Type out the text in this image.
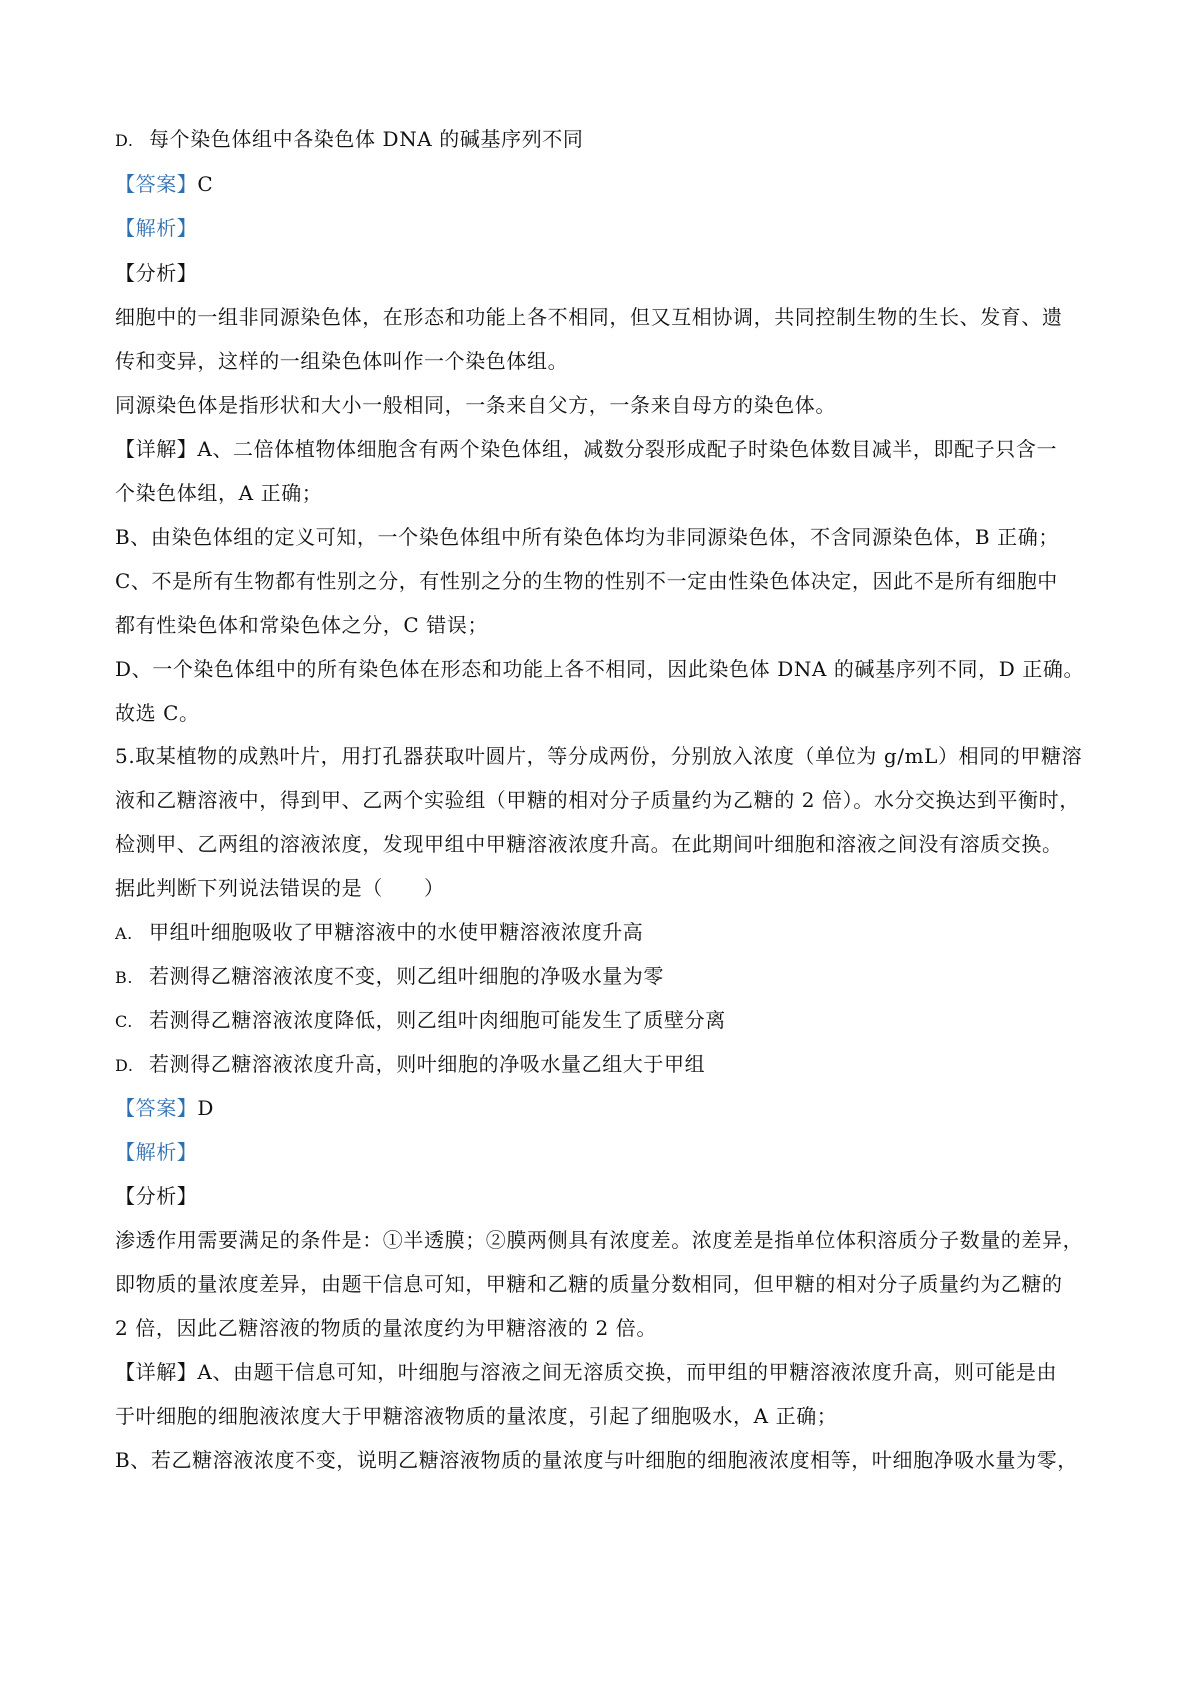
D. 每个染色体组中各染色体 DNA 的碱基序列不同
【答案】C
【解析】
【分析】
细胞中的一组非同源染色体，在形态和功能上各不相同，但又互相协调，共同控制生物的生长、发育、遗
传和变异，这样的一组染色体叫作一个染色体组。
同源染色体是指形状和大小一般相同，一条来自父方，一条来自母方的染色体。
【详解】A、二倍体植物体细胞含有两个染色体组，减数分裂形成配子时染色体数目减半，即配子只含一
个染色体组，A 正确；
B、由染色体组的定义可知，一个染色体组中所有染色体均为非同源染色体，不含同源染色体，B 正确；
C、不是所有生物都有性别之分，有性别之分的生物的性别不一定由性染色体决定，因此不是所有细胞中
都有性染色体和常染色体之分，C 错误；
D、一个染色体组中的所有染色体在形态和功能上各不相同，因此染色体 DNA 的碱基序列不同，D 正确。
故选 C。
5.取某植物的成熟叶片，用打孔器获取叶圆片，等分成两份，分别放入浓度（单位为 g/mL）相同的甲糖溶
液和乙糖溶液中，得到甲、乙两个实验组（甲糖的相对分子质量约为乙糖的 2 倍）。水分交换达到平衡时，
检测甲、乙两组的溶液浓度，发现甲组中甲糖溶液浓度升高。在此期间叶细胞和溶液之间没有溶质交换。
据此判断下列说法错误的是（　　）
A. 甲组叶细胞吸收了甲糖溶液中的水使甲糖溶液浓度升高
B. 若测得乙糖溶液浓度不变，则乙组叶细胞的净吸水量为零
C. 若测得乙糖溶液浓度降低，则乙组叶肉细胞可能发生了质壁分离
D. 若测得乙糖溶液浓度升高，则叶细胞的净吸水量乙组大于甲组
【答案】D
【解析】
【分析】
渗透作用需要满足的条件是：①半透膜；②膜两侧具有浓度差。浓度差是指单位体积溶质分子数量的差异，
即物质的量浓度差异，由题干信息可知，甲糖和乙糖的质量分数相同，但甲糖的相对分子质量约为乙糖的
2 倍，因此乙糖溶液的物质的量浓度约为甲糖溶液的 2 倍。
【详解】A、由题干信息可知，叶细胞与溶液之间无溶质交换，而甲组的甲糖溶液浓度升高，则可能是由
于叶细胞的细胞液浓度大于甲糖溶液物质的量浓度，引起了细胞吸水，A 正确；
B、若乙糖溶液浓度不变，说明乙糖溶液物质的量浓度与叶细胞的细胞液浓度相等，叶细胞净吸水量为零，
